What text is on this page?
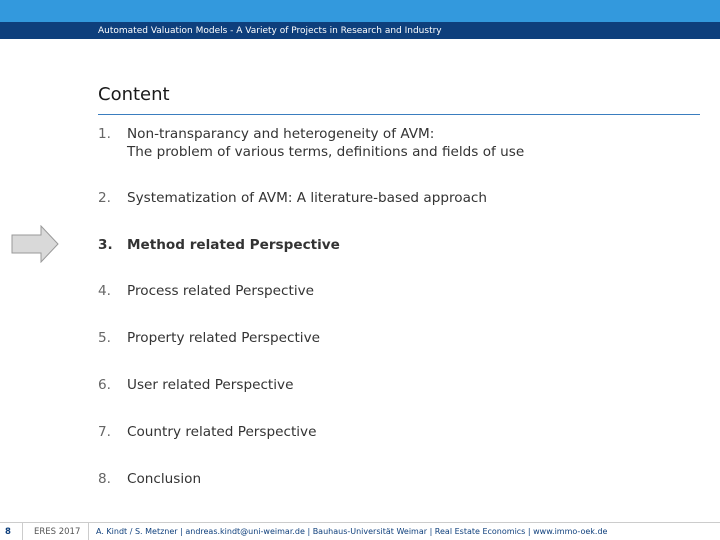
Automated Valuation Models - A Variety of Projects in Research and Industry
Content
1.	Non-transparancy and heterogeneity of AVM:
The problem of various terms, definitions and fields of use
2.	Systematization of AVM: A literature-based approach
3.	Method related Perspective
4.	Process related Perspective
5.	Property related Perspective
6.	User related Perspective
7.	Country related Perspective
8.	Conclusion
8	ERES 2017 A. Kindt / S. Metzner | andreas.kindt@uni-weimar.de | Bauhaus-Universität Weimar | Real Estate Economics | www.immo-oek.de
